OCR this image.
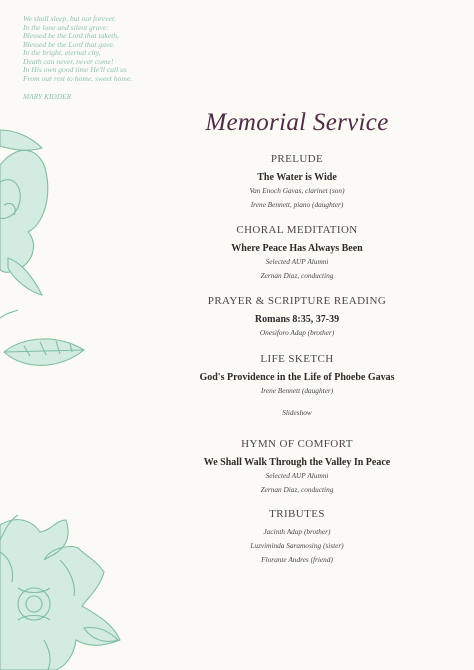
We shall sleep, but not forever,
In the lone and silent grave:
Blessed be the Lord that taketh,
Blessed be the Lord that gave.
In the bright, eternal city,
Death can never, never come!
In His own good time He'll call us
From our rest to home, sweet home.
MARY KIDDER
Memorial Service
PRELUDE
The Water is Wide
Van Enoch Gavas, clarinet (son)
Irene Bennett, piano (daughter)
CHORAL MEDITATION
Where Peace Has Always Been
Selected AUP Alumni
Zernan Diaz, conducting
PRAYER & SCRIPTURE READING
Romans 8:35, 37-39
Onesiforo Adap (brother)
LIFE SKETCH
God's Providence in the Life of Phoebe Gavas
Irene Bennett (daughter)
Slideshow
HYMN OF COMFORT
We Shall Walk Through the Valley In Peace
Selected AUP Alumni
Zernan Diaz, conducting
TRIBUTES
Jacinth Adap (brother)
Luzviminda Saramosing (sister)
Florante Andres (friend)
